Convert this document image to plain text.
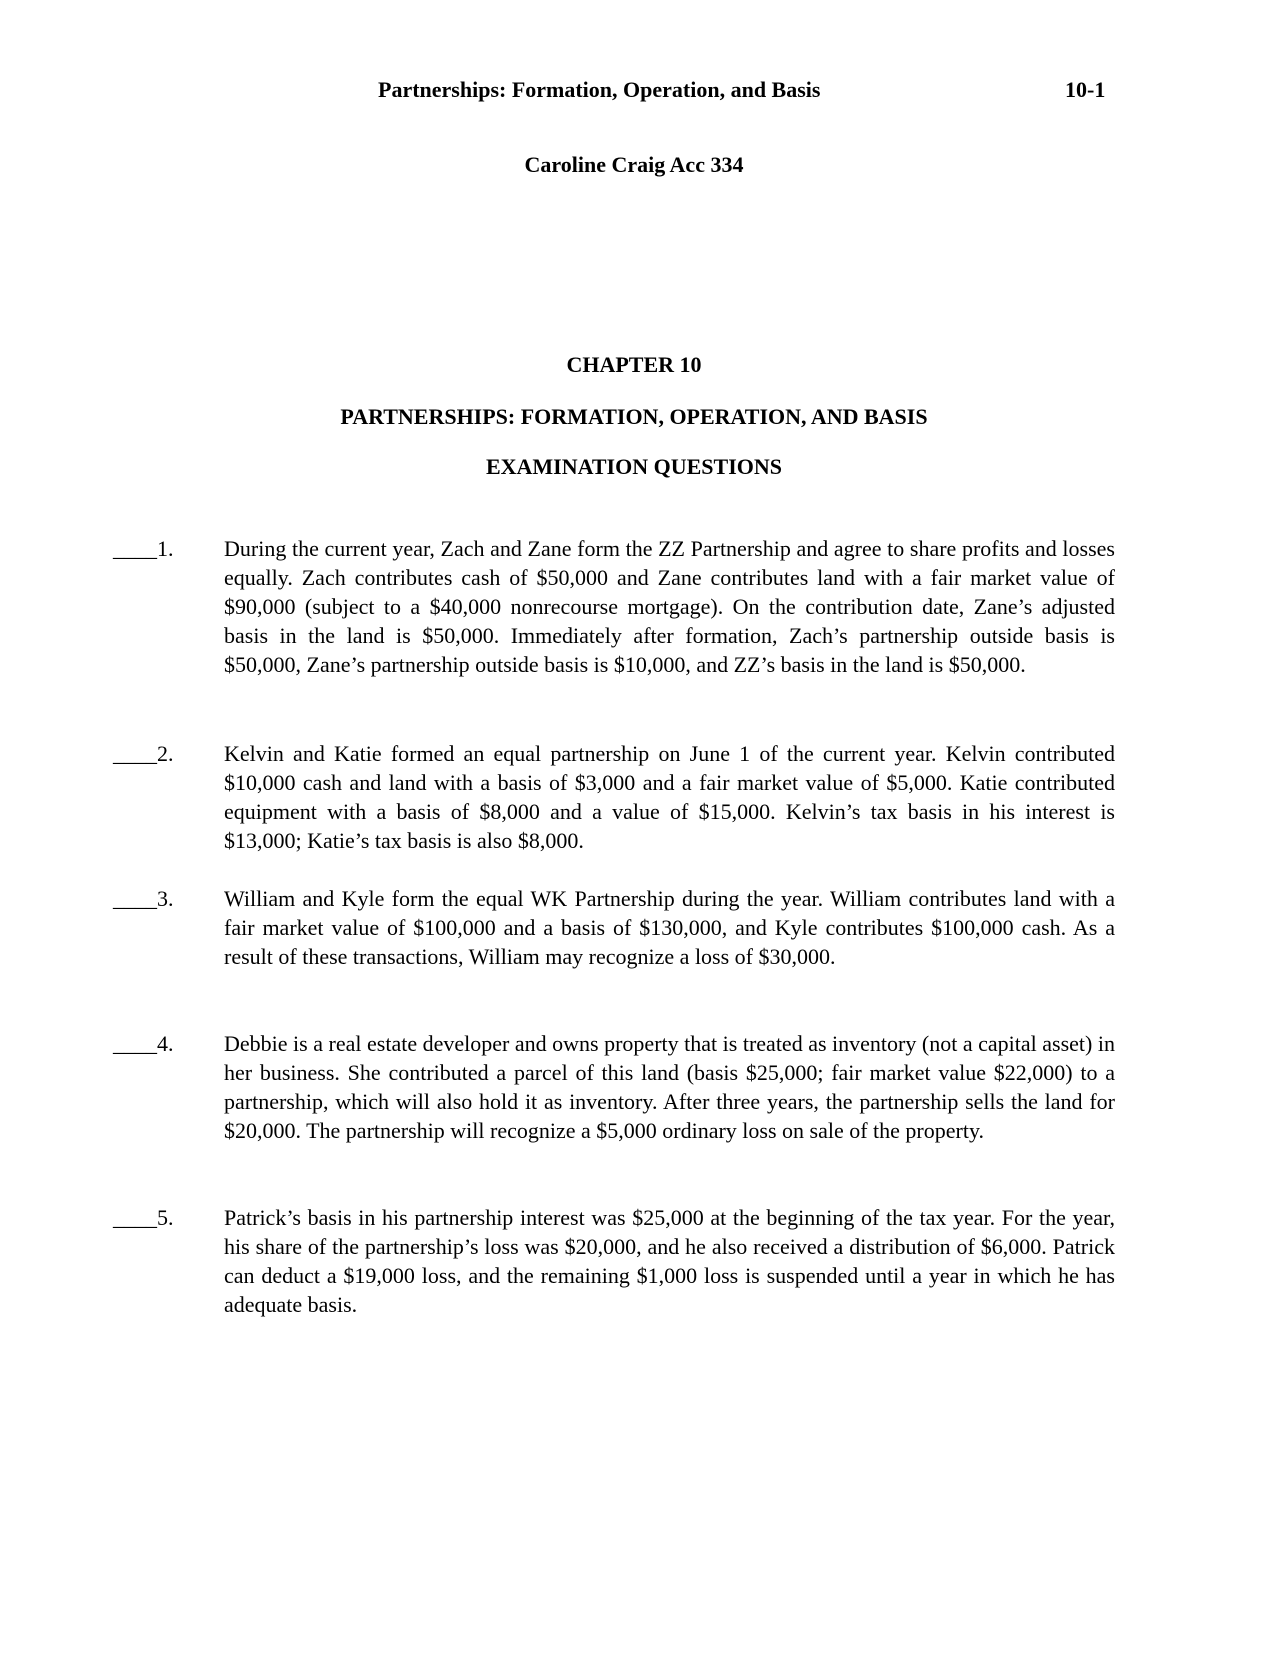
Partnerships: Formation, Operation, and Basis	10-1
Caroline Craig Acc 334
CHAPTER 10
PARTNERSHIPS: FORMATION, OPERATION, AND BASIS
EXAMINATION QUESTIONS
____1. During the current year, Zach and Zane form the ZZ Partnership and agree to share profits and losses equally. Zach contributes cash of $50,000 and Zane contributes land with a fair market value of $90,000 (subject to a $40,000 nonrecourse mortgage). On the contribution date, Zane’s adjusted basis in the land is $50,000. Immediately after formation, Zach’s partnership outside basis is $50,000, Zane’s partnership outside basis is $10,000, and ZZ’s basis in the land is $50,000.
____2. Kelvin and Katie formed an equal partnership on June 1 of the current year. Kelvin contributed $10,000 cash and land with a basis of $3,000 and a fair market value of $5,000. Katie contributed equipment with a basis of $8,000 and a value of $15,000. Kelvin’s tax basis in his interest is $13,000; Katie’s tax basis is also $8,000.
____3. William and Kyle form the equal WK Partnership during the year. William contributes land with a fair market value of $100,000 and a basis of $130,000, and Kyle contributes $100,000 cash. As a result of these transactions, William may recognize a loss of $30,000.
____4. Debbie is a real estate developer and owns property that is treated as inventory (not a capital asset) in her business. She contributed a parcel of this land (basis $25,000; fair market value $22,000) to a partnership, which will also hold it as inventory. After three years, the partnership sells the land for $20,000. The partnership will recognize a $5,000 ordinary loss on sale of the property.
____5. Patrick’s basis in his partnership interest was $25,000 at the beginning of the tax year. For the year, his share of the partnership’s loss was $20,000, and he also received a distribution of $6,000. Patrick can deduct a $19,000 loss, and the remaining $1,000 loss is suspended until a year in which he has adequate basis.
